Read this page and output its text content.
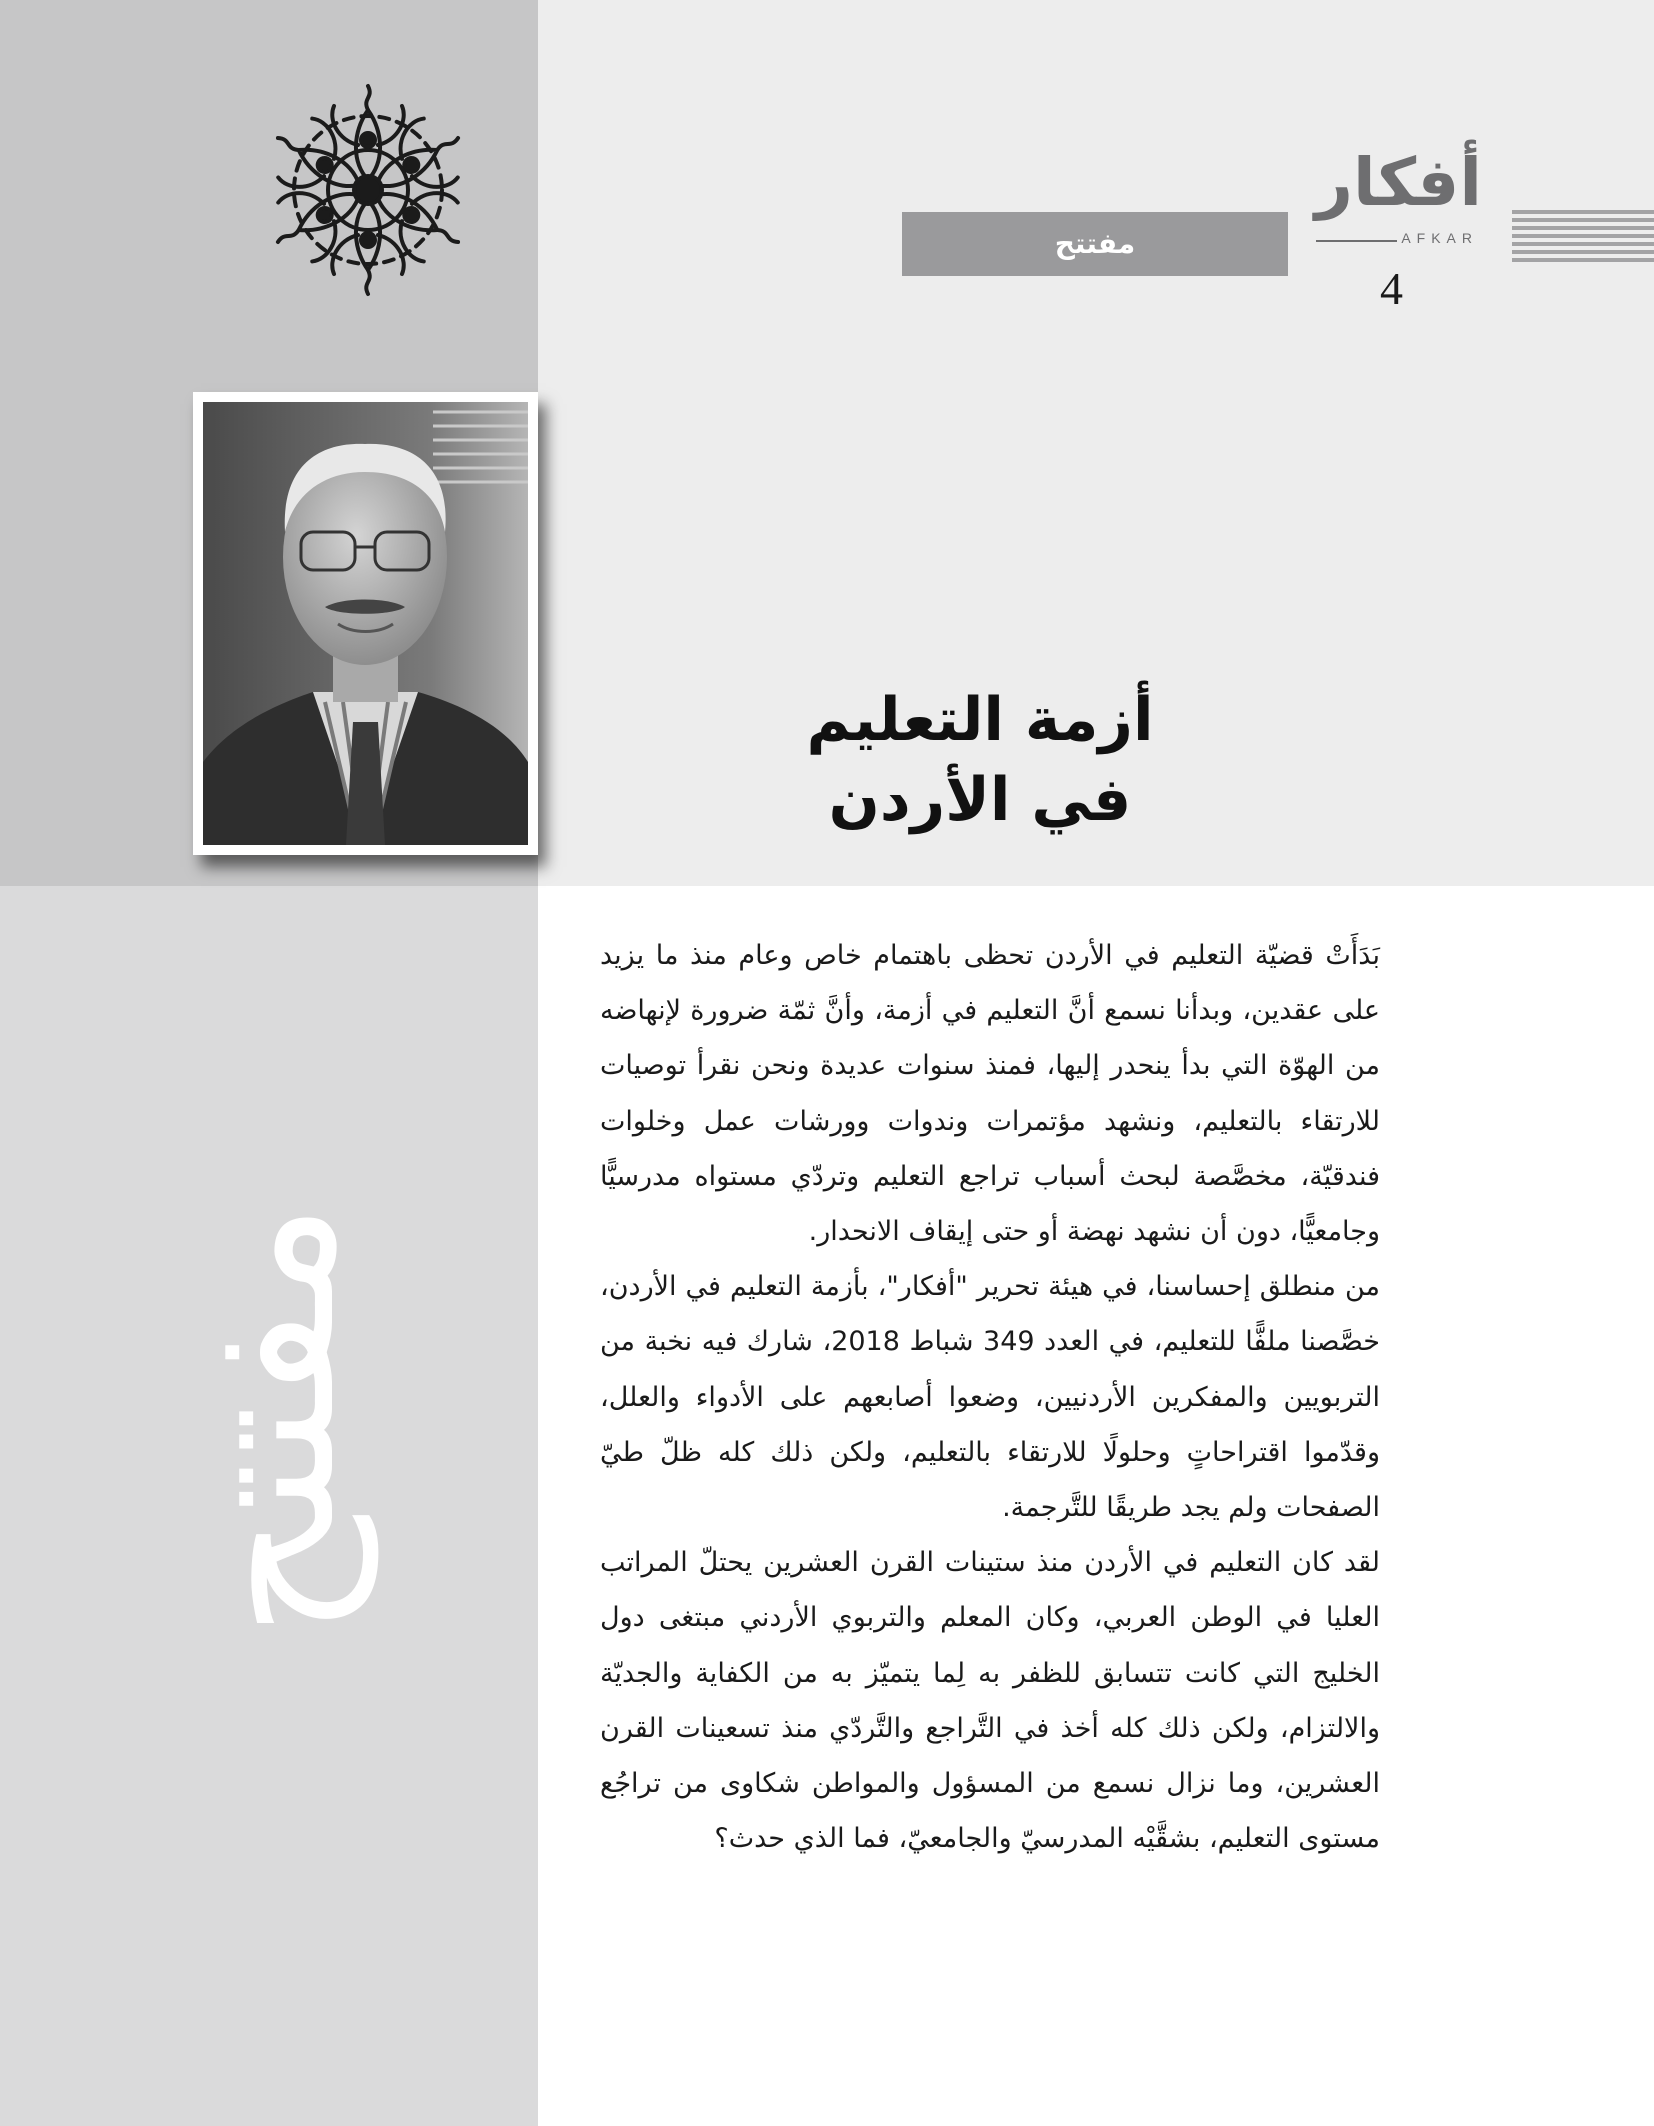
مفتتح
أفكار
AFKAR
4
أزمة التعليم
في الأردن
مفتتح

بَدَأَتْ قضيّة التعليم في الأردن تحظى باهتمام خاص وعام منذ ما يزيد على عقدين، وبدأنا نسمع أنَّ التعليم في أزمة، وأنَّ ثمّة ضرورة لإنهاضه من الهوّة التي بدأ ينحدر إليها، فمنذ سنوات عديدة ونحن نقرأ توصيات للارتقاء بالتعليم، ونشهد مؤتمرات وندوات وورشات عمل وخلوات فندقيّة، مخصَّصة لبحث أسباب تراجع التعليم وتردّي مستواه مدرسيًّا وجامعيًّا، دون أن نشهد نهضة أو حتى إيقاف الانحدار.

من منطلق إحساسنا، في هيئة تحرير "أفكار"، بأزمة التعليم في الأردن، خصَّصنا ملفًّا للتعليم، في العدد 349 شباط 2018، شارك فيه نخبة من التربويين والمفكرين الأردنيين، وضعوا أصابعهم على الأدواء والعلل، وقدّموا اقتراحاتٍ وحلولًا للارتقاء بالتعليم، ولكن ذلك كله ظلّ طيّ الصفحات ولم يجد طريقًا للتَّرجمة.

لقد كان التعليم في الأردن منذ ستينات القرن العشرين يحتلّ المراتب العليا في الوطن العربي، وكان المعلم والتربوي الأردني مبتغى دول الخليج التي كانت تتسابق للظفر به لِما يتميّز به من الكفاية والجديّة والالتزام، ولكن ذلك كله أخذ في التَّراجع والتَّردّي منذ تسعينات القرن العشرين، وما نزال نسمع من المسؤول والمواطن شكاوى من تراجُع مستوى التعليم، بشقَّيْه المدرسيّ والجامعيّ، فما الذي حدث؟
